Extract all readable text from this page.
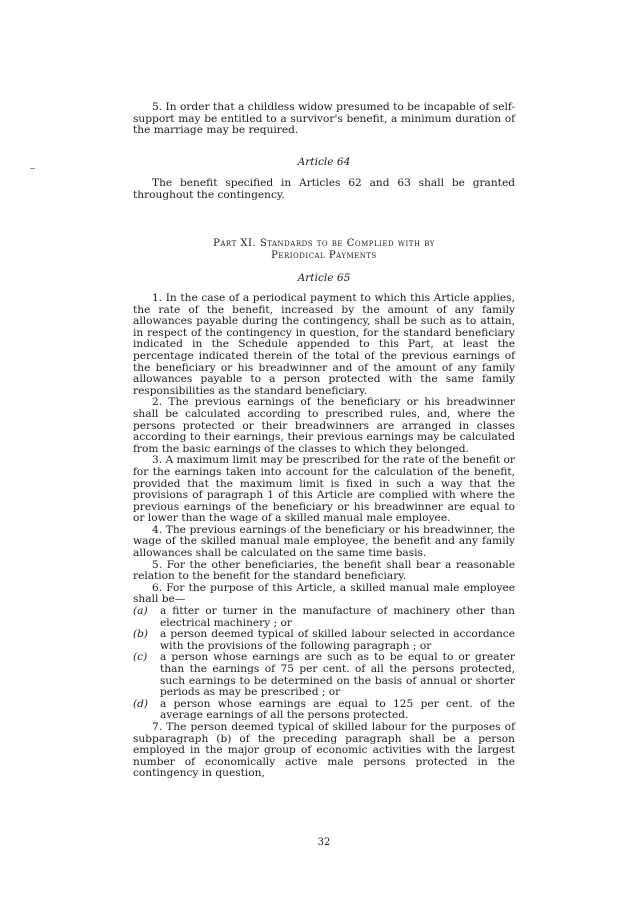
5. In order that a childless widow presumed to be incapable of self-support may be entitled to a survivor's benefit, a minimum duration of the marriage may be required.

Article 64

The benefit specified in Articles 62 and 63 shall be granted throughout the contingency.

Part XI. Standards to be Complied with by
Periodical Payments
Article 65

1. In the case of a periodical payment to which this Article applies, the rate of the benefit, increased by the amount of any family allowances payable during the contingency, shall be such as to attain, in respect of the contingency in question, for the standard beneficiary indicated in the Schedule appended to this Part, at least the percentage indicated therein of the total of the previous earnings of the beneficiary or his breadwinner and of the amount of any family allowances payable to a person protected with the same family responsibilities as the standard beneficiary.

2. The previous earnings of the beneficiary or his breadwinner shall be calculated according to prescribed rules, and, where the persons protected or their breadwinners are arranged in classes according to their earnings, their previous earnings may be calculated from the basic earnings of the classes to which they belonged.

3. A maximum limit may be prescribed for the rate of the benefit or for the earnings taken into account for the calculation of the benefit, provided that the maximum limit is fixed in such a way that the provisions of paragraph 1 of this Article are complied with where the previous earnings of the beneficiary or his breadwinner are equal to or lower than the wage of a skilled manual male employee.

4. The previous earnings of the beneficiary or his breadwinner, the wage of the skilled manual male employee, the benefit and any family allowances shall be calculated on the same time basis.

5. For the other beneficiaries, the benefit shall bear a reasonable relation to the benefit for the standard beneficiary.

6. For the purpose of this Article, a skilled manual male employee shall be—

(a)	a fitter or turner in the manufacture of machinery other than electrical machinery ; or
(b)	a person deemed typical of skilled labour selected in accordance with the provisions of the following paragraph ; or
(c)	a person whose earnings are such as to be equal to or greater than the earnings of 75 per cent. of all the persons protected, such earnings to be determined on the basis of annual or shorter periods as may be prescribed ; or
(d)	a person whose earnings are equal to 125 per cent. of the average earnings of all the persons protected.

7. The person deemed typical of skilled labour for the purposes of subparagraph (b) of the preceding paragraph shall be a person employed in the major group of economic activities with the largest number of economically active male persons protected in the contingency in question,

32
